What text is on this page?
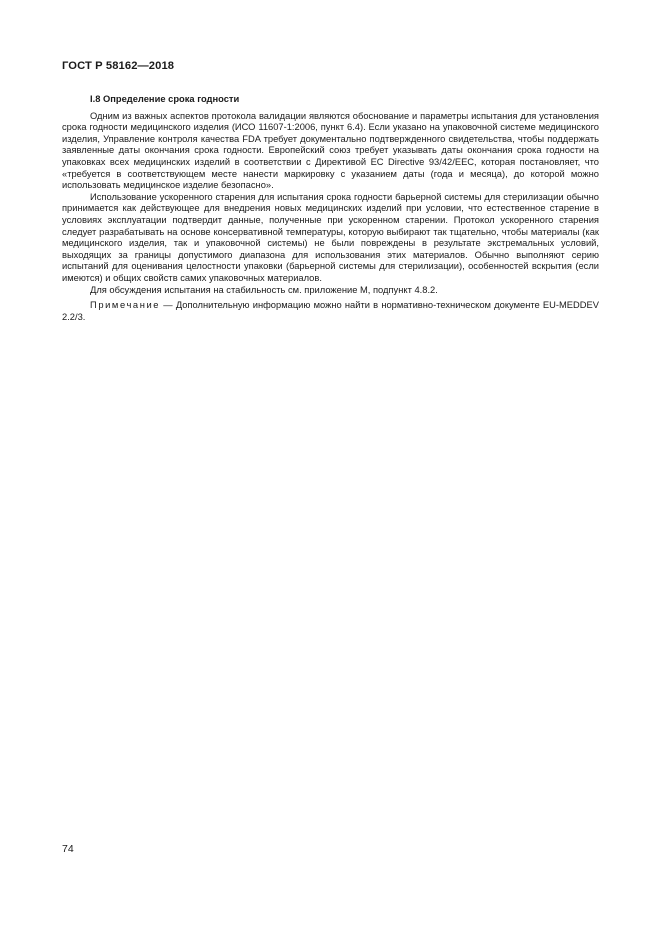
ГОСТ Р 58162—2018

I.8 Определение срока годности

Одним из важных аспектов протокола валидации являются обоснование и параметры испытания для установления срока годности медицинского изделия (ИСО 11607-1:2006, пункт 6.4). Если указано на упаковочной системе медицинского изделия, Управление контроля качества FDA требует документально подтвержденного свидетельства, чтобы поддержать заявленные даты окончания срока годности. Европейский союз требует указывать даты окончания срока годности на упаковках всех медицинских изделий в соответствии с Директивой ЕС Directive 93/42/EEC, которая постановляет, что «требуется в соответствующем месте нанести маркировку с указанием даты (года и месяца), до которой можно использовать медицинское изделие безопасно».

Использование ускоренного старения для испытания срока годности барьерной системы для стерилизации обычно принимается как действующее для внедрения новых медицинских изделий при условии, что естественное старение в условиях эксплуатации подтвердит данные, полученные при ускоренном старении. Протокол ускоренного старения следует разрабатывать на основе консервативной температуры, которую выбирают так тщательно, чтобы материалы (как медицинского изделия, так и упаковочной системы) не были повреждены в результате экстремальных условий, выходящих за границы допустимого диапазона для использования этих материалов. Обычно выполняют серию испытаний для оценивания целостности упаковки (барьерной системы для стерилизации), особенностей вскрытия (если имеются) и общих свойств самих упаковочных материалов.

Для обсуждения испытания на стабильность см. приложение М, подпункт 4.8.2.

Примечание — Дополнительную информацию можно найти в нормативно-техническом документе EU-MEDDEV 2.2/3.

74
